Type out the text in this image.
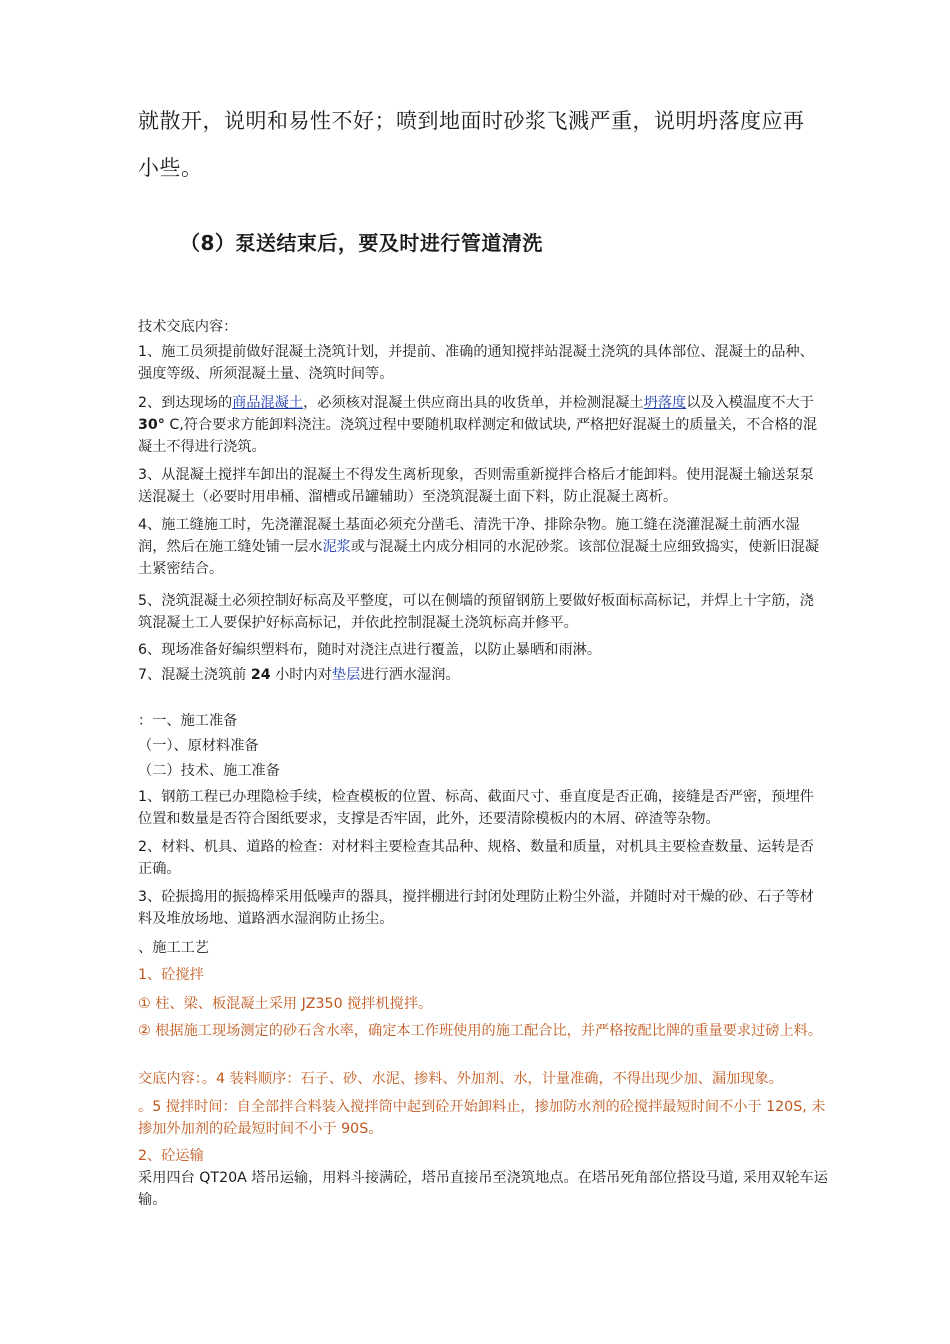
就散开，说明和易性不好；喷到地面时砂浆飞溅严重，说明坍落度应再
小些。
（8）泵送结束后，要及时进行管道清洗
技术交底内容：
1、施工员须提前做好混凝土浇筑计划，并提前、准确的通知搅拌站混凝土浇筑的具体部位、混凝土的品种、强度等级、所须混凝土量、浇筑时间等。
2、到达现场的商品混凝土，必须核对混凝土供应商出具的收货单，并检测混凝土坍落度以及入模温度不大于 30° C,符合要求方能卸料浇注。浇筑过程中要随机取样测定和做试块, 严格把好混凝土的质量关，不合格的混凝土不得进行浇筑。
3、从混凝土搅拌车卸出的混凝土不得发生离析现象，否则需重新搅拌合格后才能卸料。使用混凝土输送泵泵送混凝土（必要时用串桶、溜槽或吊罐辅助）至浇筑混凝土面下料，防止混凝土离析。
4、施工缝施工时，先浇灌混凝土基面必须充分凿毛、清洗干净、排除杂物。施工缝在浇灌混凝土前洒水湿润，然后在施工缝处铺一层水泥浆或与混凝土内成分相同的水泥砂浆。该部位混凝土应细致捣实，使新旧混凝土紧密结合。
5、浇筑混凝土必须控制好标高及平整度，可以在侧墙的预留钢筋上要做好板面标高标记，并焊上十字筋，浇筑混凝土工人要保护好标高标记，并依此控制混凝土浇筑标高并修平。
6、现场准备好编织塑料布，随时对浇注点进行覆盖，以防止暴晒和雨淋。
7、混凝土浇筑前 24 小时内对垫层进行洒水湿润。
：一、施工准备
（一）、原材料准备
（二）技术、施工准备
1、钢筋工程已办理隐检手续，检查模板的位置、标高、截面尺寸、垂直度是否正确，接缝是否严密，预埋件位置和数量是否符合图纸要求，支撑是否牢固，此外，还要清除模板内的木屑、碎渣等杂物。
2、材料、机具、道路的检查：对材料主要检查其品种、规格、数量和质量，对机具主要检查数量、运转是否正确。
3、砼振捣用的振捣棒采用低噪声的器具，搅拌棚进行封闭处理防止粉尘外溢，并随时对干燥的砂、石子等材料及堆放场地、道路洒水湿润防止扬尘。
、施工工艺
1、砼搅拌
① 柱、梁、板混凝土采用 JZ350 搅拌机搅拌。
② 根据施工现场测定的砂石含水率，确定本工作班使用的施工配合比，并严格按配比牌的重量要求过磅上料。
交底内容：。4 装料顺序：石子、砂、水泥、掺料、外加剂、水，计量准确，不得出现少加、漏加现象。
。5 搅拌时间：自全部拌合料装入搅拌筒中起到砼开始卸料止，掺加防水剂的砼搅拌最短时间不小于 120S, 未掺加外加剂的砼最短时间不小于 90S。
2、砼运输
采用四台 QT20A 塔吊运输，用料斗接满砼，塔吊直接吊至浇筑地点。在塔吊死角部位搭设马道, 采用双轮车运输。
